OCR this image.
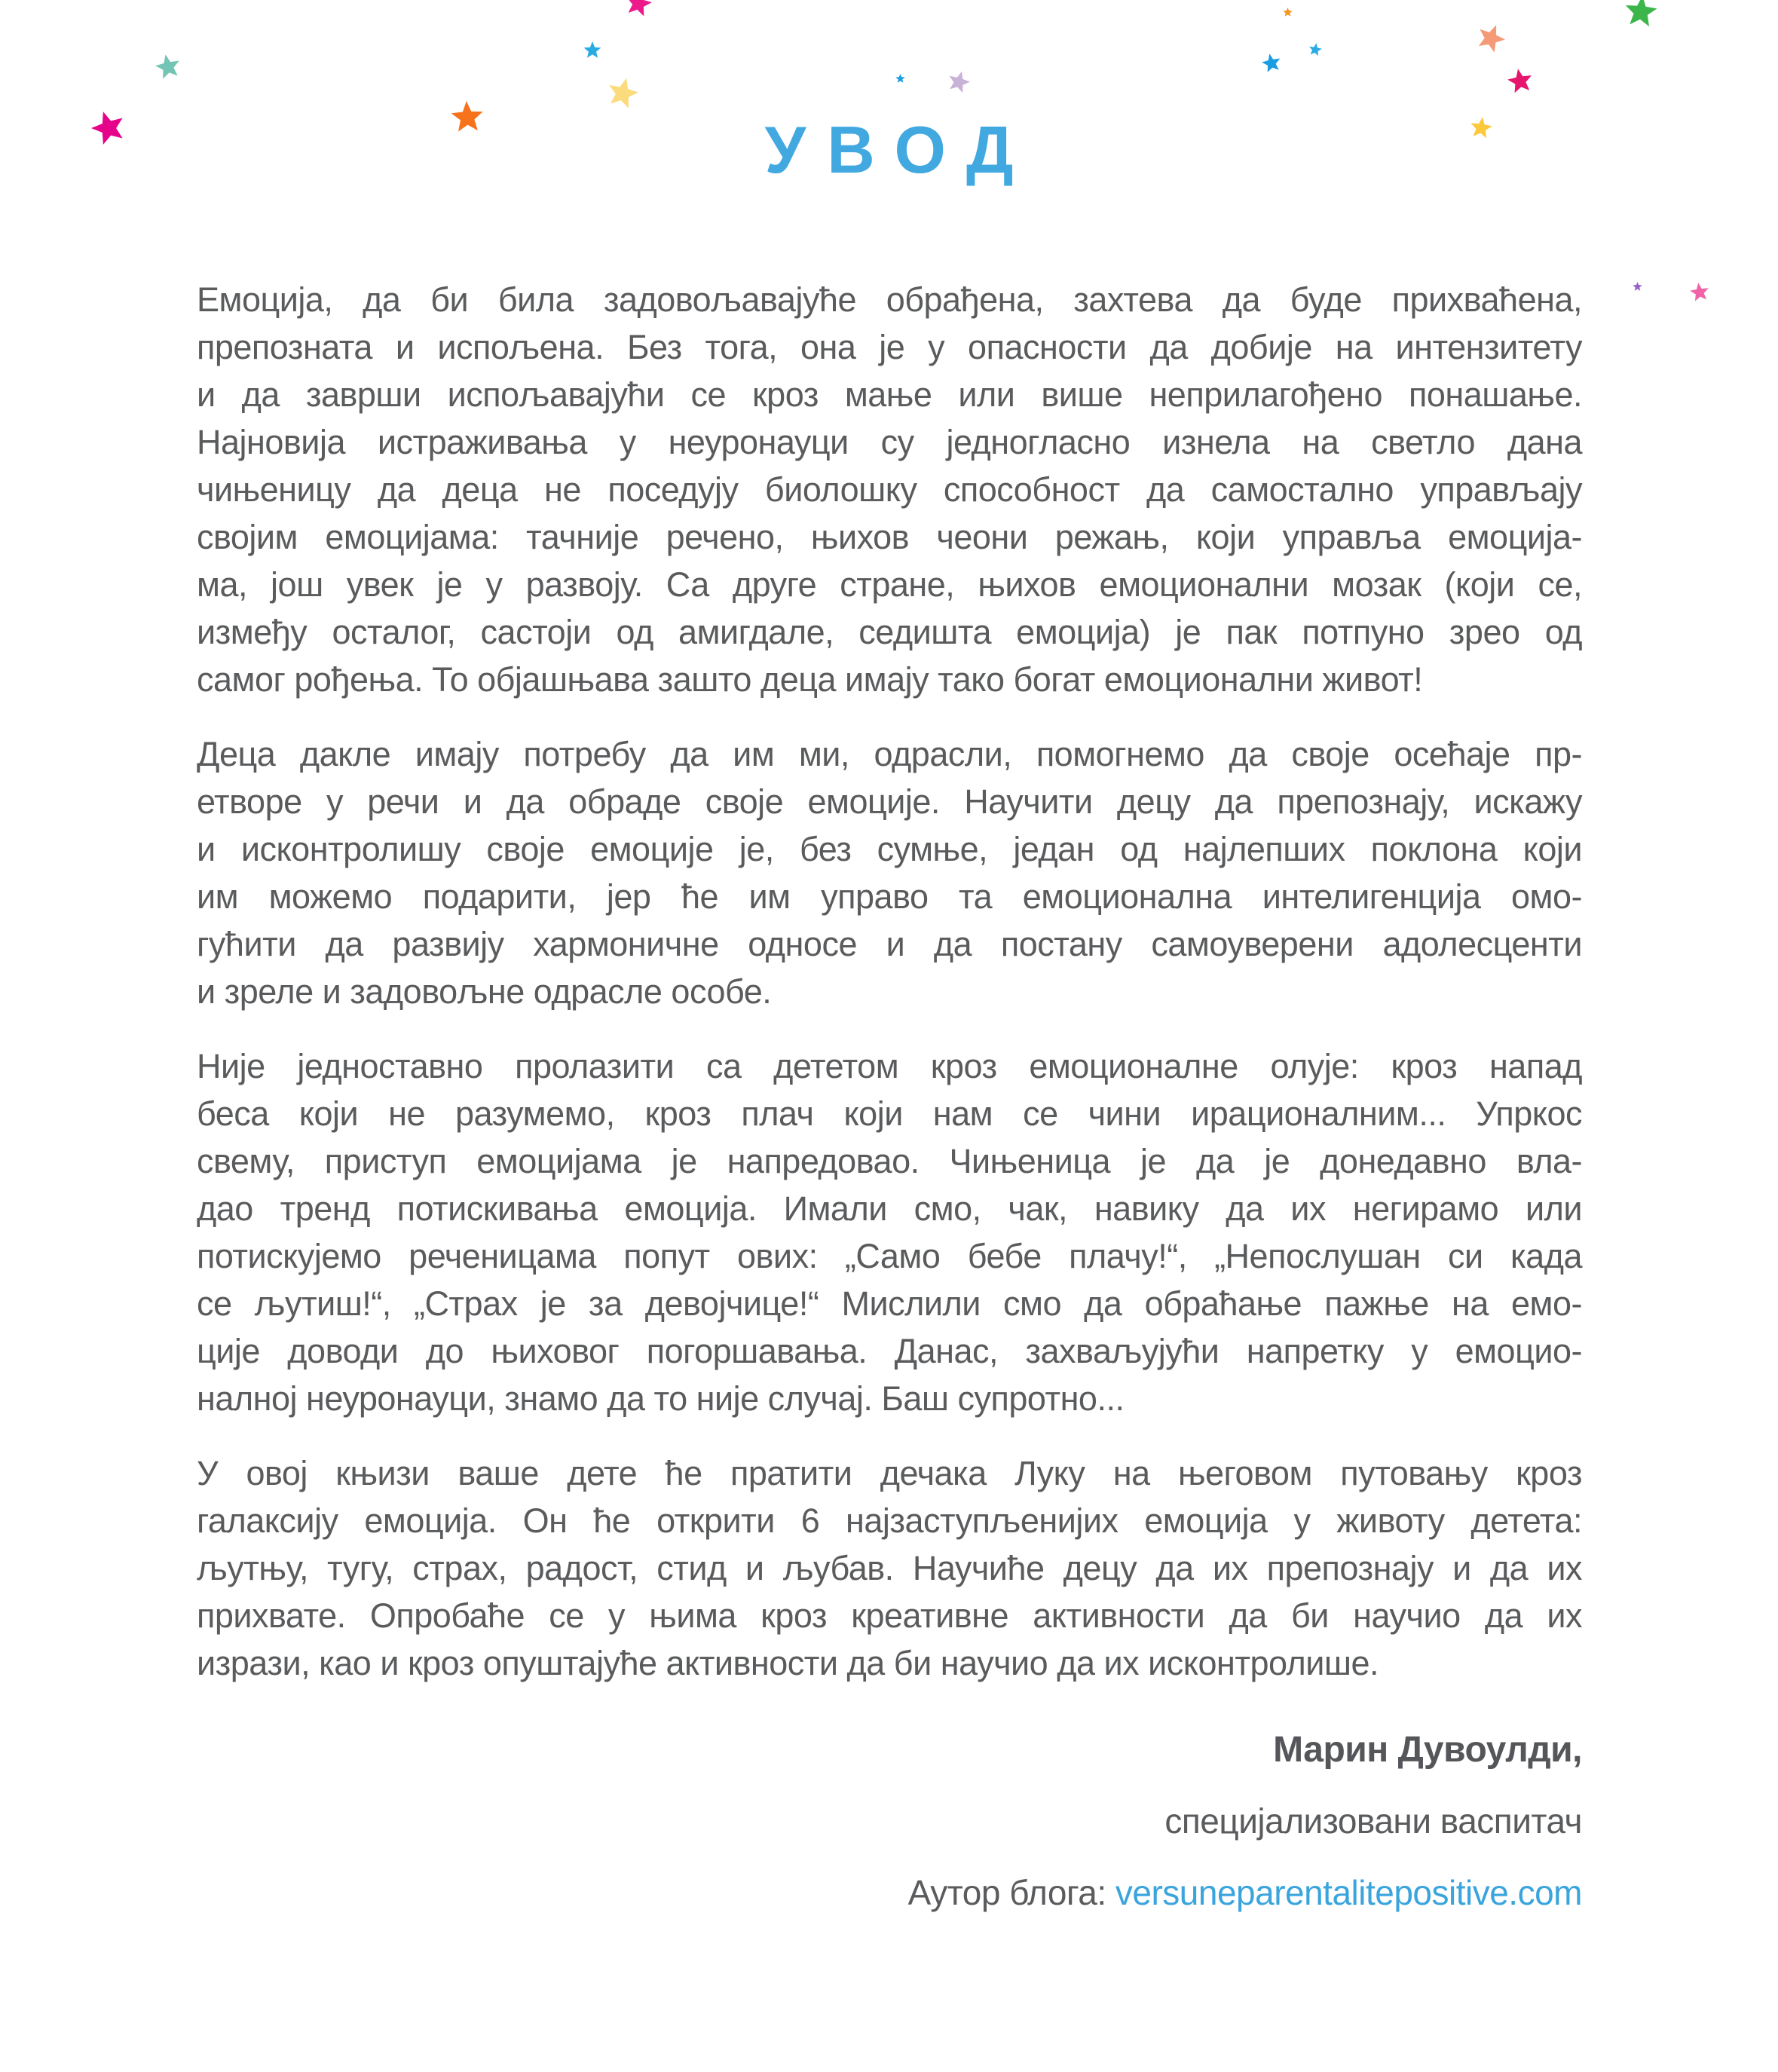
УВОД
Емоција, да би била задовољавајуће обрађена, захтева да буде прихваћена,
препозната и испољена. Без тога, она је у опасности да добије на интензитету
и да заврши испољавајући се кроз мање или више неприлагођено понашање.
Најновија истраживања у неуронауци су једногласно изнела на светло дана
чињеницу да деца не поседују биолошку способност да самостално управљају
својим емоцијама: тачније речено, њихов чеони режањ, који управља емоција-
ма, још увек је у развоју. Са друге стране, њихов емоционални мозак (који се,
између осталог, састоји од амигдале, седишта емоција) је пак потпуно зрео од
самог рођења. То објашњава зашто деца имају тако богат емоционални живот!
Деца дакле имају потребу да им ми, одрасли, помогнемо да своје осећаје пр-
етворе у речи и да обраде своје емоције. Научити децу да препознају, искажу
и исконтролишу своје емоције је, без сумње, један од најлепших поклона који
им можемо подарити, јер ће им управо та емоционална интелигенција омо-
гућити да развију хармоничне односе и да постану самоуверени адолесценти
и зреле и задовољне одрасле особе.
Није једноставно пролазити са дететом кроз емоционалне олује: кроз напад
беса који не разумемо, кроз плач који нам се чини ирационалним... Упркос
свему, приступ емоцијама је напредовао. Чињеница је да је донедавно вла-
дао тренд потискивања емоција. Имали смо, чак, навику да их негирамо или
потискујемо реченицама попут ових: „Само бебе плачу!“, „Непослушан си када
се љутиш!“, „Страх је за девојчице!“ Мислили смо да обраћање пажње на емо-
ције доводи до њиховог погоршавања. Данас, захваљујући напретку у емоцио-
налној неуронауци, знамо да то није случај. Баш супротно...
У овој књизи ваше дете ће пратити дечака Луку на његовом путовању кроз
галаксију емоција. Он ће открити 6 најзаступљенијих емоција у животу детета:
љутњу, тугу, страх, радост, стид и љубав. Научиће децу да их препознају и да их
прихвате. Опробаће се у њима кроз креативне активности да би научио да их
изрази, као и кроз опуштајуће активности да би научио да их исконтролише.
Марин Дувоулди,
специјализовани васпитач
Аутор блога: versuneparentalitepositive.com
